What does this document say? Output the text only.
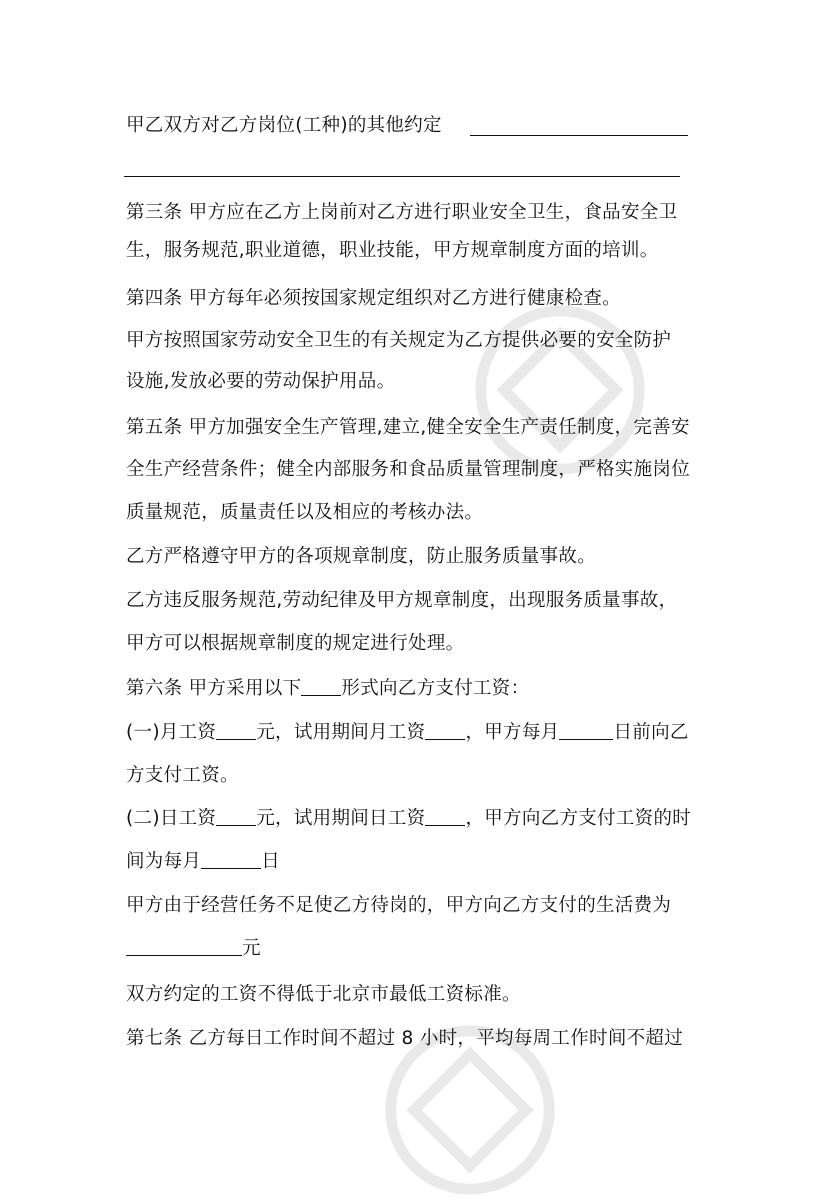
甲乙双方对乙方岗位(工种)的其他约定
第三条 甲方应在乙方上岗前对乙方进行职业安全卫生，食品安全卫
生，服务规范,职业道德，职业技能，甲方规章制度方面的培训。
第四条 甲方每年必须按国家规定组织对乙方进行健康检查。
甲方按照国家劳动安全卫生的有关规定为乙方提供必要的安全防护
设施,发放必要的劳动保护用品。
第五条 甲方加强安全生产管理,建立,健全安全生产责任制度，完善安
全生产经营条件；健全内部服务和食品质量管理制度，严格实施岗位
质量规范，质量责任以及相应的考核办法。
乙方严格遵守甲方的各项规章制度，防止服务质量事故。
乙方违反服务规范,劳动纪律及甲方规章制度，出现服务质量事故，
甲方可以根据规章制度的规定进行处理。
第六条 甲方采用以下 形式向乙方支付工资：
(一)月工资 元，试用期间月工资 ，甲方每月	日前向乙
方支付工资。
(二)日工资 元，试用期间日工资 ，甲方向乙方支付工资的时
间为每月	日
甲方由于经营任务不足使乙方待岗的，甲方向乙方支付的生活费为
元
双方约定的工资不得低于北京市最低工资标准。
第七条 乙方每日工作时间不超过 8 小时，平均每周工作时间不超过
